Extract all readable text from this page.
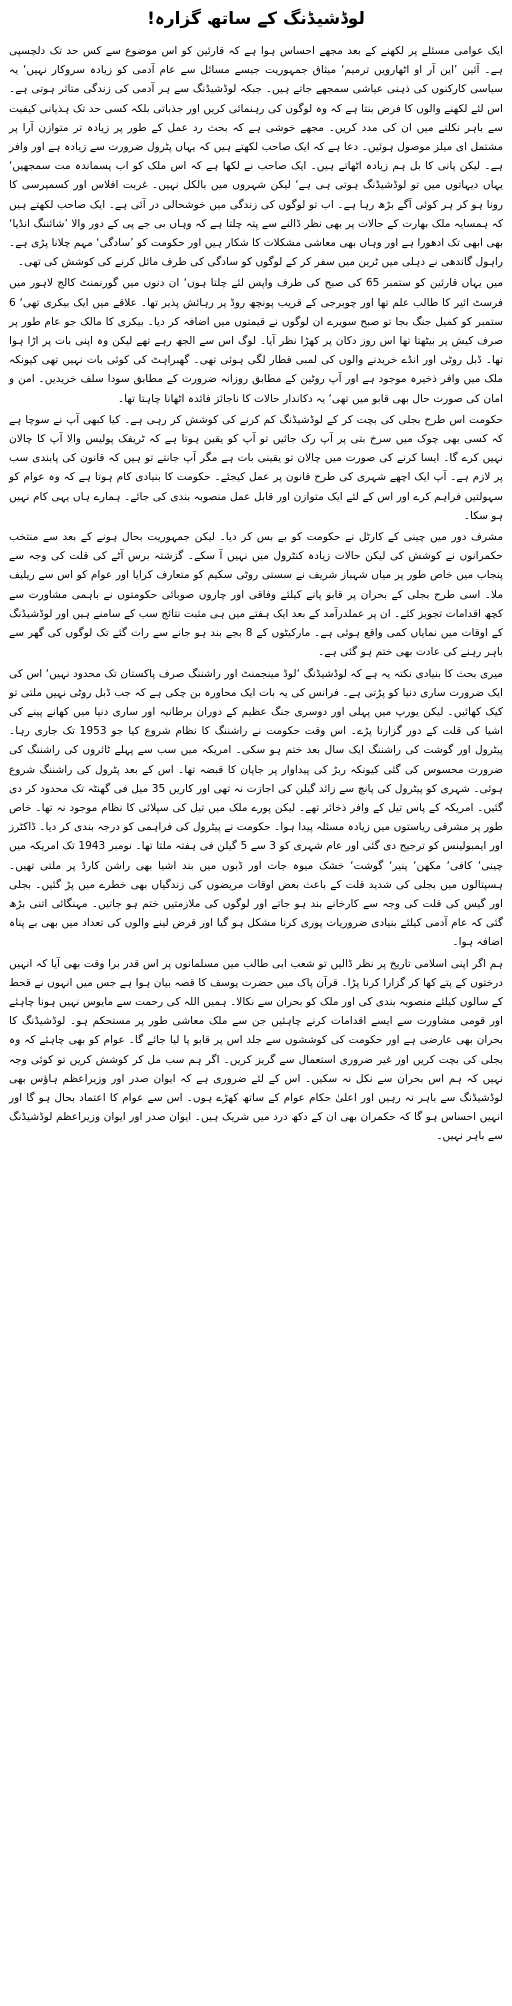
لوڈشیڈنگ کے ساتھ گزارہ!

ایک عوامی مسئلے پر لکھنے کے بعد مجھے احساس ہوا ہے کہ قارئین کو اس موضوع سے کس حد تک دلچسپی ہے۔ آئین ’این آر او اٹھارویں ترمیم‘ میثاق جمہوریت جیسے مسائل سے عام آدمی کو زیادہ سروکار نہیں‘ یہ سیاسی کارکنوں کی ذہنی عیاشی سمجھے جاتے ہیں۔ جبکہ لوڈشیڈنگ سے ہر آدمی کی زندگی متاثر ہوتی ہے۔ اس لئے لکھنے والوں کا فرض بنتا ہے کہ وہ لوگوں کی رہنمائی کریں اور جذباتی بلکہ کسی حد تک ہذیانی کیفیت سے باہر نکلنے میں ان کی مدد کریں۔ مجھے خوشی ہے کہ بحث رد عمل کے طور پر زیادہ تر متوازن آرا پر مشتمل ای میلز موصول ہوئیں۔ دعا ہے کہ ایک صاحب لکھتے ہیں کہ یہاں پٹرول ضرورت سے زیادہ ہے اور وافر ہے۔ لیکن پانی کا بل ہم زیادہ اٹھاتے ہیں۔ ایک صاحب نے لکھا ہے کہ اس ملک کو اب پسماندہ مت سمجھیں‘ یہاں دیہاتوں میں تو لوڈشیڈنگ ہوتی ہی ہے‘ لیکن شہروں میں بالکل نہیں۔ غربت افلاس اور کسمپرسی کا رونا ہو کر ہر کوئی آگے بڑھ رہا ہے۔ اب تو لوگوں کی زندگی میں خوشحالی در آئی ہے۔ ایک صاحب لکھتے ہیں کہ ہمسایہ ملک بھارت کے حالات پر بھی نظر ڈالنے سے پتہ چلتا ہے کہ وہاں بی جے پی کے دور والا ’شائننگ انڈیا‘ بھی ابھی تک ادھورا ہے اور وہاں بھی معاشی مشکلات کا شکار ہیں اور حکومت کو ’سادگی‘ مہم چلانا پڑی ہے۔ راہول گاندھی نے دہلی میں ٹرین میں سفر کر کے لوگوں کو سادگی کی طرف مائل کرنے کی کوشش کی تھی۔

میں یہاں قارئین کو ستمبر 65 کی صبح کی طرف واپس لئے چلتا ہوں‘ ان دنوں میں گورنمنٹ کالج لاہور میں فرسٹ ائیر کا طالب علم تھا اور چوبرجی کے قریب پونچھ روڈ پر رہائش پذیر تھا۔ علاقے میں ایک بیکری تھی‘ 6 ستمبر کو کمیل جنگ بجا تو صبح سویرے ان لوگوں نے قیمتوں میں اضافہ کر دیا۔ بیکری کا مالک جو عام طور پر صرف کیش پر بیٹھتا تھا اس روز دکان پر کھڑا نظر آیا۔ لوگ اس سے الجھ رہے تھے لیکن وہ اپنی بات پر اڑا ہوا تھا۔ ڈبل روٹی اور انڈے خریدنے والوں کی لمبی قطار لگی ہوئی تھی۔ گھبراہٹ کی کوئی بات نہیں تھی کیونکہ ملک میں وافر ذخیرہ موجود ہے اور آپ روٹین کے مطابق روزانہ ضرورت کے مطابق سودا سلف خریدیں۔ امن و امان کی صورت حال بھی قابو میں تھی‘ یہ دکاندار حالات کا ناجائز فائدہ اٹھانا چاہتا تھا۔

حکومت اس طرح بجلی کی بچت کر کے لوڈشیڈنگ کم کرنے کی کوشش کر رہی ہے۔ کیا کبھی آپ نے سوچا ہے کہ کسی بھی چوک میں سرخ بتی پر آپ رک جائیں تو آپ کو یقین ہوتا ہے کہ ٹریفک پولیس والا آپ کا چالان نہیں کرے گا۔ ایسا کرنے کی صورت میں چالان تو یقینی بات ہے مگر آپ جانتے تو ہیں کہ قانون کی پابندی سب پر لازم ہے۔ آپ ایک اچھے شہری کی طرح قانون پر عمل کیجئے۔ حکومت کا بنیادی کام ہوتا ہے کہ وہ عوام کو سہولتیں فراہم کرے اور اس کے لئے ایک متوازن اور قابل عمل منصوبہ بندی کی جائے۔ ہمارے ہاں یہی کام نہیں ہو سکا۔

مشرف دور میں چینی کے کارٹل نے حکومت کو بے بس کر دیا۔ لیکن جمہوریت بحال ہونے کے بعد سے منتخب حکمرانوں نے کوشش کی لیکن حالات زیادہ کنٹرول میں نہیں آ سکے۔ گزشتہ برس آٹے کی قلت کی وجہ سے پنجاب میں خاص طور پر میاں شہباز شریف نے سستی روٹی سکیم کو متعارف کرایا اور عوام کو اس سے ریلیف ملا۔ اسی طرح بجلی کے بحران پر قابو پانے کیلئے وفاقی اور چاروں صوبائی حکومتوں نے باہمی مشاورت سے کچھ اقدامات تجویز کئے۔ ان پر عملدرآمد کے بعد ایک ہفتے میں ہی مثبت نتائج سب کے سامنے ہیں اور لوڈشیڈنگ کے اوقات میں نمایاں کمی واقع ہوئی ہے۔ مارکیٹوں کے 8 بجے بند ہو جانے سے رات گئے تک لوگوں کی گھر سے باہر رہنے کی عادت بھی ختم ہو گئی ہے۔

میری بحث کا بنیادی نکتہ یہ ہے کہ لوڈشیڈنگ ‘لوڈ مینجمنٹ اور راشننگ صرف پاکستان تک محدود نہیں‘ اس کی ایک ضرورت ساری دنیا کو پڑتی ہے۔ فرانس کی یہ بات ایک محاورہ بن چکی ہے کہ جب ڈبل روٹی نہیں ملتی تو کیک کھائیں۔ لیکن یورپ میں پہلی اور دوسری جنگ عظیم کے دوران برطانیہ اور ساری دنیا میں کھانے پینے کی اشیا کی قلت کے دور گزارنا پڑے۔ اس وقت حکومت نے راشننگ کا نظام شروع کیا جو 1953 تک جاری رہا۔ پیٹرول اور گوشت کی راشننگ ایک سال بعد ختم ہو سکی۔ امریکہ میں سب سے پہلے ٹائروں کی راشننگ کی ضرورت محسوس کی گئی کیونکہ ربڑ کی پیداوار پر جاپان کا قبضہ تھا۔ اس کے بعد پٹرول کی راشننگ شروع ہوئی۔ شہری کو پیٹرول کی پانچ سے زائد گیلن کی اجازت نہ تھی اور کاریں 35 میل فی گھنٹہ تک محدود کر دی گئیں۔ امریکہ کے پاس تیل کے وافر ذخائر تھے۔ لیکن پورے ملک میں تیل کی سپلائی کا نظام موجود نہ تھا۔ خاص طور پر مشرقی ریاستوں میں زیادہ مسئلہ پیدا ہوا۔ حکومت نے پیٹرول کی فراہمی کو درجہ بندی کر دیا۔ ڈاکٹرز اور ایمبولینس کو ترجیح دی گئی اور عام شہری کو 3 سے 5 گیلن فی ہفتہ ملتا تھا۔ نومبر 1943 تک امریکہ میں چینی‘ کافی‘ مکھن‘ پنیر‘ گوشت‘ خشک میوہ جات اور ڈبوں میں بند اشیا بھی راشن کارڈ پر ملتی تھیں۔ ہسپتالوں میں بجلی کی شدید قلت کے باعث بعض اوقات مریضوں کی زندگیاں بھی خطرے میں پڑ گئیں۔ بجلی اور گیس کی قلت کی وجہ سے کارخانے بند ہو جاتے اور لوگوں کی ملازمتیں ختم ہو جاتیں۔ مہنگائی اتنی بڑھ گئی کہ عام آدمی کیلئے بنیادی ضروریات پوری کرنا مشکل ہو گیا اور قرض لینے والوں کی تعداد میں بھی بے پناہ اضافہ ہوا۔

ہم اگر اپنی اسلامی تاریخ پر نظر ڈالیں تو شعب ابی طالب میں مسلمانوں پر اس قدر برا وقت بھی آیا کہ انہیں درختوں کے پتے کھا کر گزارا کرنا پڑا۔ قرآن پاک میں حضرت یوسف کا قصہ بیان ہوا ہے جس میں انہوں نے قحط کے سالوں کیلئے منصوبہ بندی کی اور ملک کو بحران سے نکالا۔ ہمیں اللہ کی رحمت سے مایوس نہیں ہونا چاہئے اور قومی مشاورت سے ایسے اقدامات کرنے چاہئیں جن سے ملک معاشی طور پر مستحکم ہو۔ لوڈشیڈنگ کا بحران بھی عارضی ہے اور حکومت کی کوششوں سے جلد اس پر قابو پا لیا جائے گا۔ عوام کو بھی چاہئے کہ وہ بجلی کی بچت کریں اور غیر ضروری استعمال سے گریز کریں۔ اگر ہم سب مل کر کوشش کریں تو کوئی وجہ نہیں کہ ہم اس بحران سے نکل نہ سکیں۔ اس کے لئے ضروری ہے کہ ایوان صدر اور وزیراعظم ہاؤس بھی لوڈشیڈنگ سے باہر نہ رہیں اور اعلیٰ حکام عوام کے ساتھ کھڑے ہوں۔ اس سے عوام کا اعتماد بحال ہو گا اور انہیں احساس ہو گا کہ حکمران بھی ان کے دکھ درد میں شریک ہیں۔ ایوان صدر اور ایوان وزیراعظم لوڈشیڈنگ سے باہر نہیں۔
